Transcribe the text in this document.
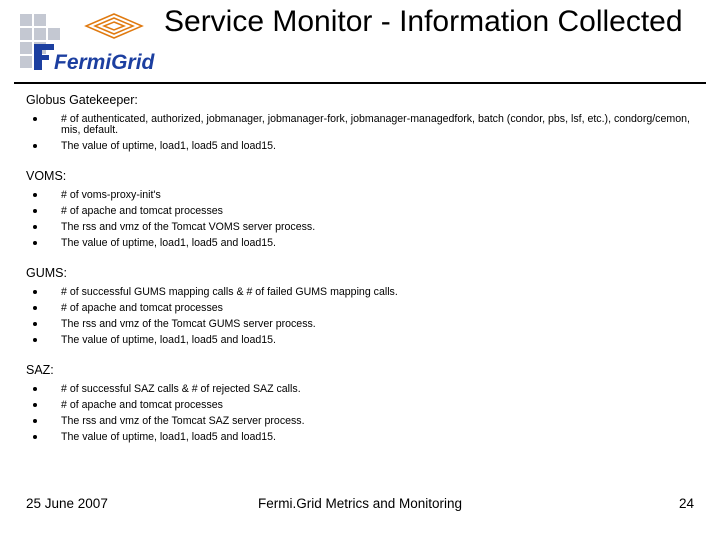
FermiGrid
Service Monitor - Information Collected
Globus Gatekeeper:
# of authenticated, authorized, jobmanager, jobmanager-fork, jobmanager-managedfork, batch (condor, pbs, lsf, etc.), condorg/cemon, mis, default.
The value of uptime, load1, load5 and load15.
VOMS:
# of voms-proxy-init's
# of apache and tomcat processes
The rss and vmz of the Tomcat VOMS server process.
The value of uptime, load1, load5 and load15.
GUMS:
# of successful GUMS mapping calls & # of failed GUMS mapping calls.
# of apache and tomcat processes
The rss and vmz of the Tomcat GUMS server process.
The value of uptime, load1, load5 and load15.
SAZ:
# of successful SAZ calls & # of rejected SAZ calls.
# of apache and tomcat processes
The rss and vmz of the Tomcat SAZ server process.
The value of uptime, load1, load5 and load15.
25 June 2007	Fermi.Grid Metrics and Monitoring	24
